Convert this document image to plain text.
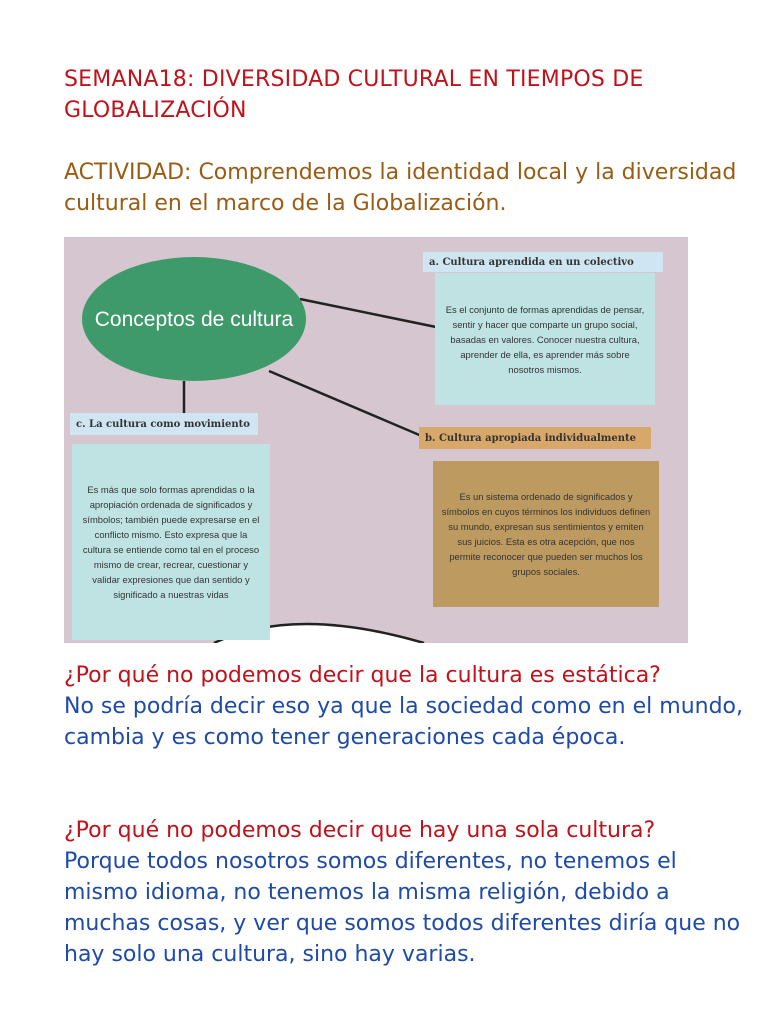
SEMANA18: DIVERSIDAD CULTURAL EN TIEMPOS DE GLOBALIZACIÓN
ACTIVIDAD: Comprendemos la identidad local y la diversidad cultural en el marco de la Globalización.
Conceptos de cultura
a. Cultura aprendida en un colectivo
Es el conjunto de formas aprendidas de pensar, sentir y hacer que comparte un grupo social, basadas en valores. Conocer nuestra cultura, aprender de ella, es aprender más sobre nosotros mismos.
b. Cultura apropiada individualmente
Es un sistema ordenado de significados y símbolos en cuyos términos los individuos definen su mundo, expresan sus sentimientos y emiten sus juicios. Esta es otra acepción, que nos permite reconocer que pueden ser muchos los grupos sociales.
c. La cultura como movimiento
Es más que solo formas aprendidas o la apropiación ordenada de significados y símbolos; también puede expresarse en el conflicto mismo. Esto expresa que la cultura se entiende como tal en el proceso mismo de crear, recrear, cuestionar y validar expresiones que dan sentido y significado a nuestras vidas
¿Por qué no podemos decir que la cultura es estática?
No se podría decir eso ya que la sociedad como en el mundo, cambia y es como tener generaciones cada época.
¿Por qué no podemos decir que hay una sola cultura?
Porque todos nosotros somos diferentes, no tenemos el mismo idioma, no tenemos la misma religión, debido a muchas cosas, y ver que somos todos diferentes diría que no hay solo una cultura, sino hay varias.
